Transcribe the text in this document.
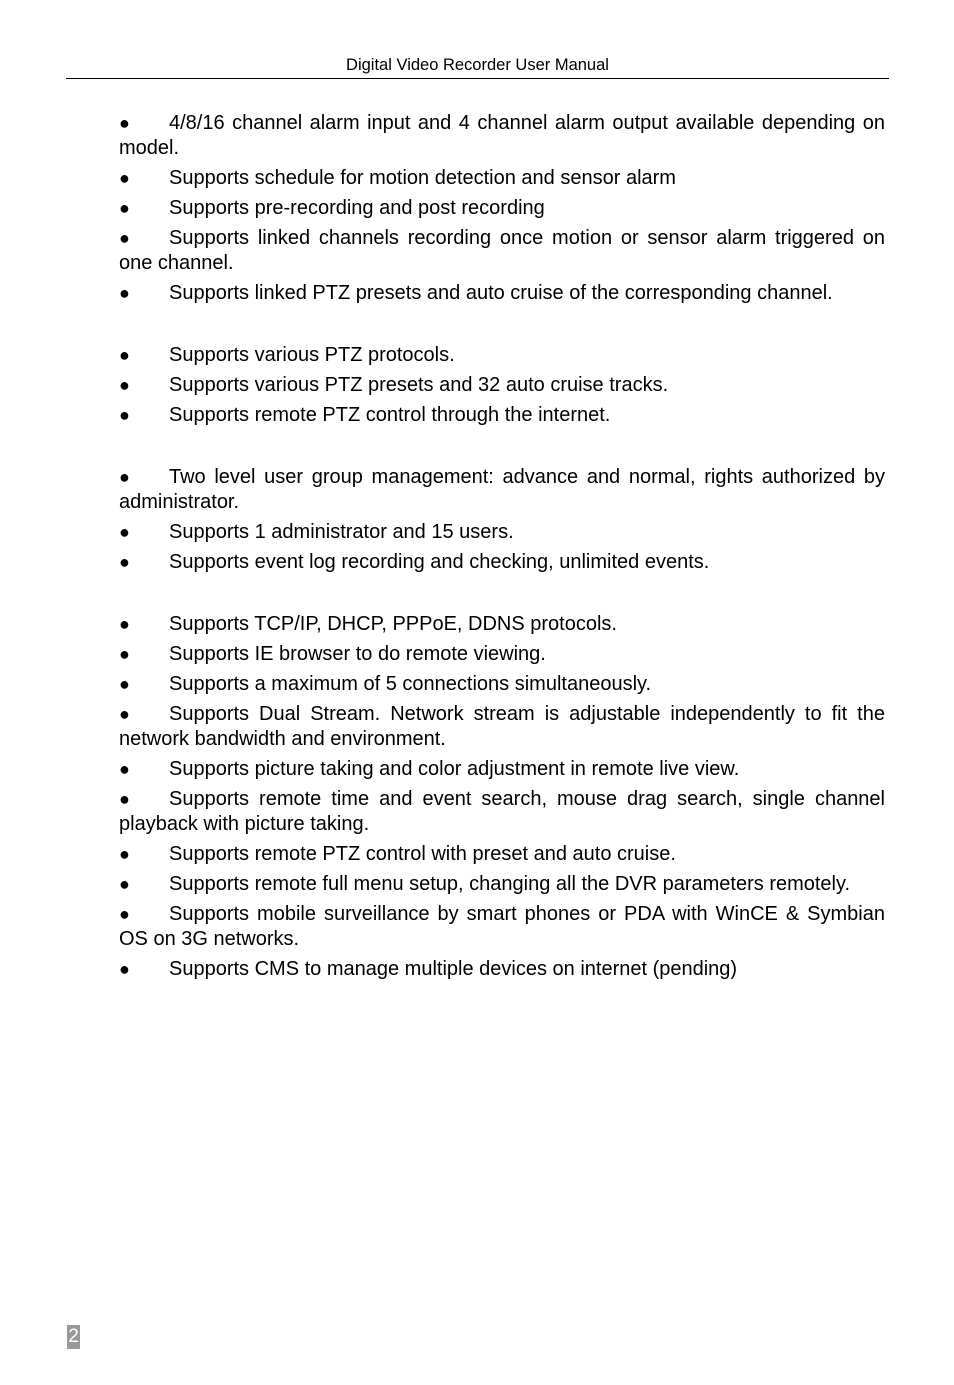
Digital Video Recorder User Manual

●	4/8/16 channel alarm input and 4 channel alarm output available depending on model.

●	Supports schedule for motion detection and sensor alarm

●	Supports pre-recording and post recording

●	Supports linked channels recording once motion or sensor alarm triggered on one channel.

●	Supports linked PTZ presets and auto cruise of the corresponding channel.

●	Supports various PTZ protocols.

●	Supports various PTZ presets and 32 auto cruise tracks.

●	Supports remote PTZ control through the internet.

●	Two level user group management: advance and normal, rights authorized by administrator.

●	Supports 1 administrator and 15 users.

●	Supports event log recording and checking, unlimited events.

●	Supports TCP/IP, DHCP, PPPoE, DDNS protocols.

●	Supports IE browser to do remote viewing.

●	Supports a maximum of 5 connections simultaneously.

●	Supports Dual Stream. Network stream is adjustable independently to fit the network bandwidth and environment.

●	Supports picture taking and color adjustment in remote live view.

●	Supports remote time and event search, mouse drag search, single channel playback with picture taking.

●	Supports remote PTZ control with preset and auto cruise.

●	Supports remote full menu setup, changing all the DVR parameters remotely.

●	Supports mobile surveillance by smart phones or PDA with WinCE & Symbian OS on 3G networks.

●	Supports CMS to manage multiple devices on internet (pending)

2
